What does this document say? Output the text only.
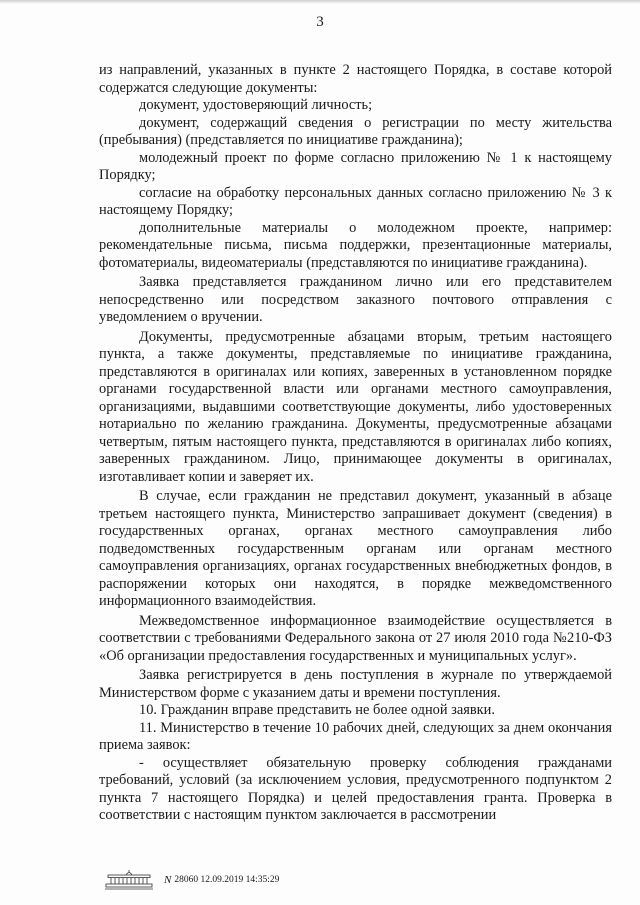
3

из направлений, указанных в пункте 2 настоящего Порядка, в составе которой содержатся следующие документы:

документ, удостоверяющий личность;

документ, содержащий сведения о регистрации по месту жительства (пребывания) (представляется по инициативе гражданина);

молодежный проект по форме согласно приложению № 1 к настоящему Порядку;

согласие на обработку персональных данных согласно приложению № 3 к настоящему Порядку;

дополнительные материалы о молодежном проекте, например: рекомендательные письма, письма поддержки, презентационные материалы, фотоматериалы, видеоматериалы (представляются по инициативе гражданина).

Заявка представляется гражданином лично или его представителем непосредственно или посредством заказного почтового отправления с уведомлением о вручении.

Документы, предусмотренные абзацами вторым, третьим настоящего пункта, а также документы, представляемые по инициативе гражданина, представляются в оригиналах или копиях, заверенных в установленном порядке органами государственной власти или органами местного самоуправления, организациями, выдавшими соответствующие документы, либо удостоверенных нотариально по желанию гражданина. Документы, предусмотренные абзацами четвертым, пятым настоящего пункта, представляются в оригиналах либо копиях, заверенных гражданином. Лицо, принимающее документы в оригиналах, изготавливает копии и заверяет их.

В случае, если гражданин не представил документ, указанный в абзаце третьем настоящего пункта, Министерство запрашивает документ (сведения) в государственных органах, органах местного самоуправления либо подведомственных государственным органам или органам местного самоуправления организациях, органах государственных внебюджетных фондов, в распоряжении которых они находятся, в порядке межведомственного информационного взаимодействия.

Межведомственное информационное взаимодействие осуществляется в соответствии с требованиями Федерального закона от 27 июля 2010 года №210-ФЗ «Об организации предоставления государственных и муниципальных услуг».

Заявка регистрируется в день поступления в журнале по утверждаемой Министерством форме с указанием даты и времени поступления.

10. Гражданин вправе представить не более одной заявки.

11. Министерство в течение 10 рабочих дней, следующих за днем окончания приема заявок:

- осуществляет обязательную проверку соблюдения гражданами требований, условий (за исключением условия, предусмотренного подпунктом 2 пункта 7 настоящего Порядка) и целей предоставления гранта. Проверка в соответствии с настоящим пунктом заключается в рассмотрении

N 28060 12.09.2019 14:35:29
